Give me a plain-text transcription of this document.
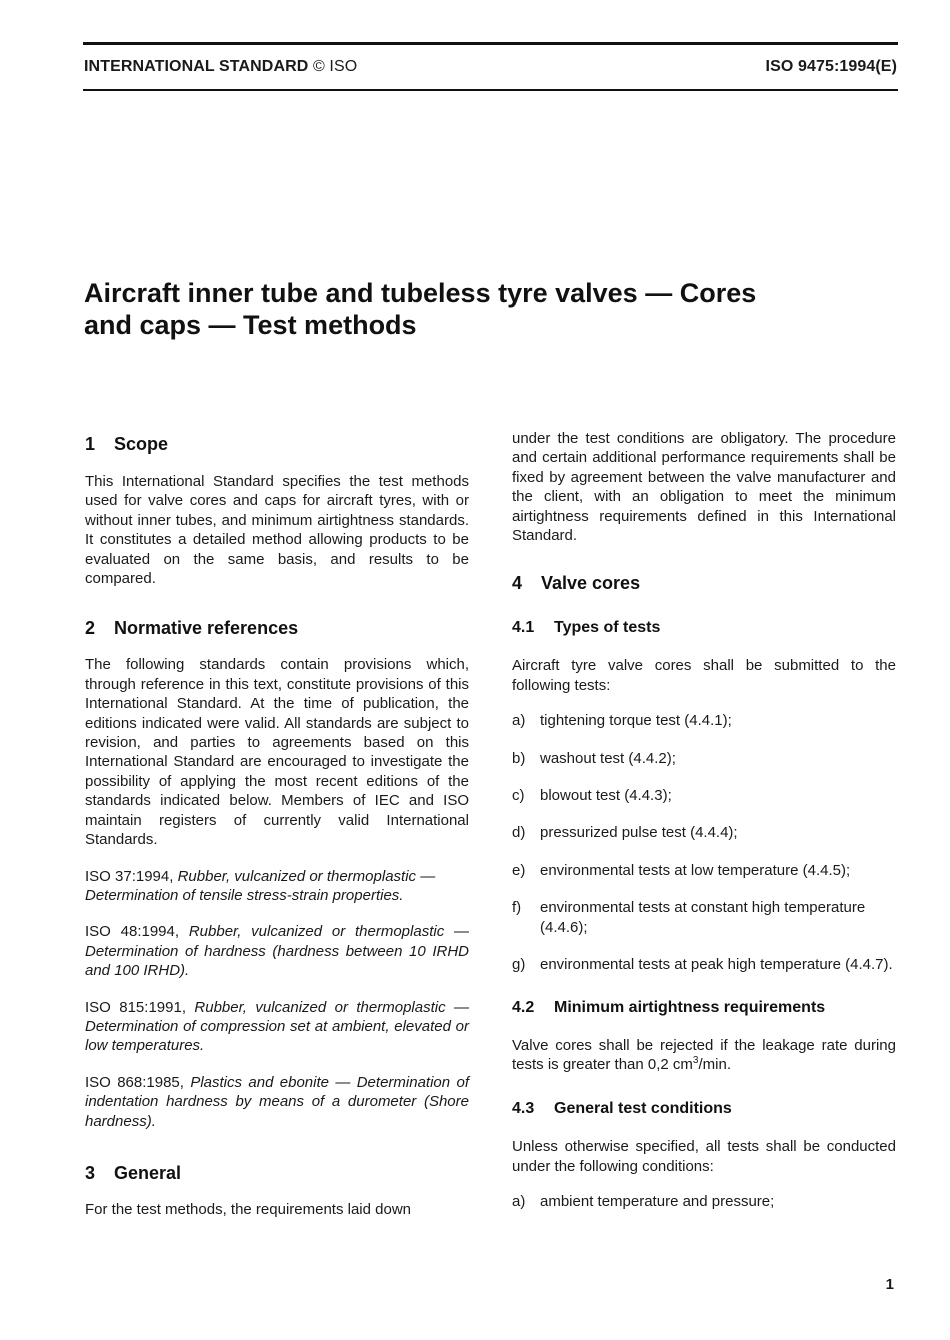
INTERNATIONAL STANDARD © ISO	ISO 9475:1994(E)
Aircraft inner tube and tubeless tyre valves — Cores
and caps — Test methods
1 Scope

This International Standard specifies the test methods used for valve cores and caps for aircraft tyres, with or without inner tubes, and minimum airtightness standards. It constitutes a detailed method allowing products to be evaluated on the same basis, and results to be compared.

2 Normative references

The following standards contain provisions which, through reference in this text, constitute provisions of this International Standard. At the time of publication, the editions indicated were valid. All standards are subject to revision, and parties to agreements based on this International Standard are encouraged to investigate the possibility of applying the most recent editions of the standards indicated below. Members of IEC and ISO maintain registers of currently valid International Standards.

ISO 37:1994, Rubber, vulcanized or thermoplastic — Determination of tensile stress-strain properties.

ISO 48:1994, Rubber, vulcanized or thermoplastic — Determination of hardness (hardness between 10 IRHD and 100 IRHD).

ISO 815:1991, Rubber, vulcanized or thermoplastic — Determination of compression set at ambient, elevated or low temperatures.

ISO 868:1985, Plastics and ebonite — Determination of indentation hardness by means of a durometer (Shore hardness).

3 General

For the test methods, the requirements laid down

under the test conditions are obligatory. The procedure and certain additional performance requirements shall be fixed by agreement between the valve manufacturer and the client, with an obligation to meet the minimum airtightness requirements defined in this International Standard.

4 Valve cores
4.1 Types of tests

Aircraft tyre valve cores shall be submitted to the following tests:

a) tightening torque test (4.4.1);
b) washout test (4.4.2);
c)	blowout test (4.4.3);
d) pressurized pulse test (4.4.4);
e) environmental tests at low temperature (4.4.5);
f)	environmental tests at constant high temperature (4.4.6);
g) environmental tests at peak high temperature (4.4.7).
4.2 Minimum airtightness requirements

Valve cores shall be rejected if the leakage rate during tests is greater than 0,2 $cm^3/\min$.

4.3 General test conditions

Unless otherwise specified, all tests shall be conducted under the following conditions:

a) ambient temperature and pressure;
1
